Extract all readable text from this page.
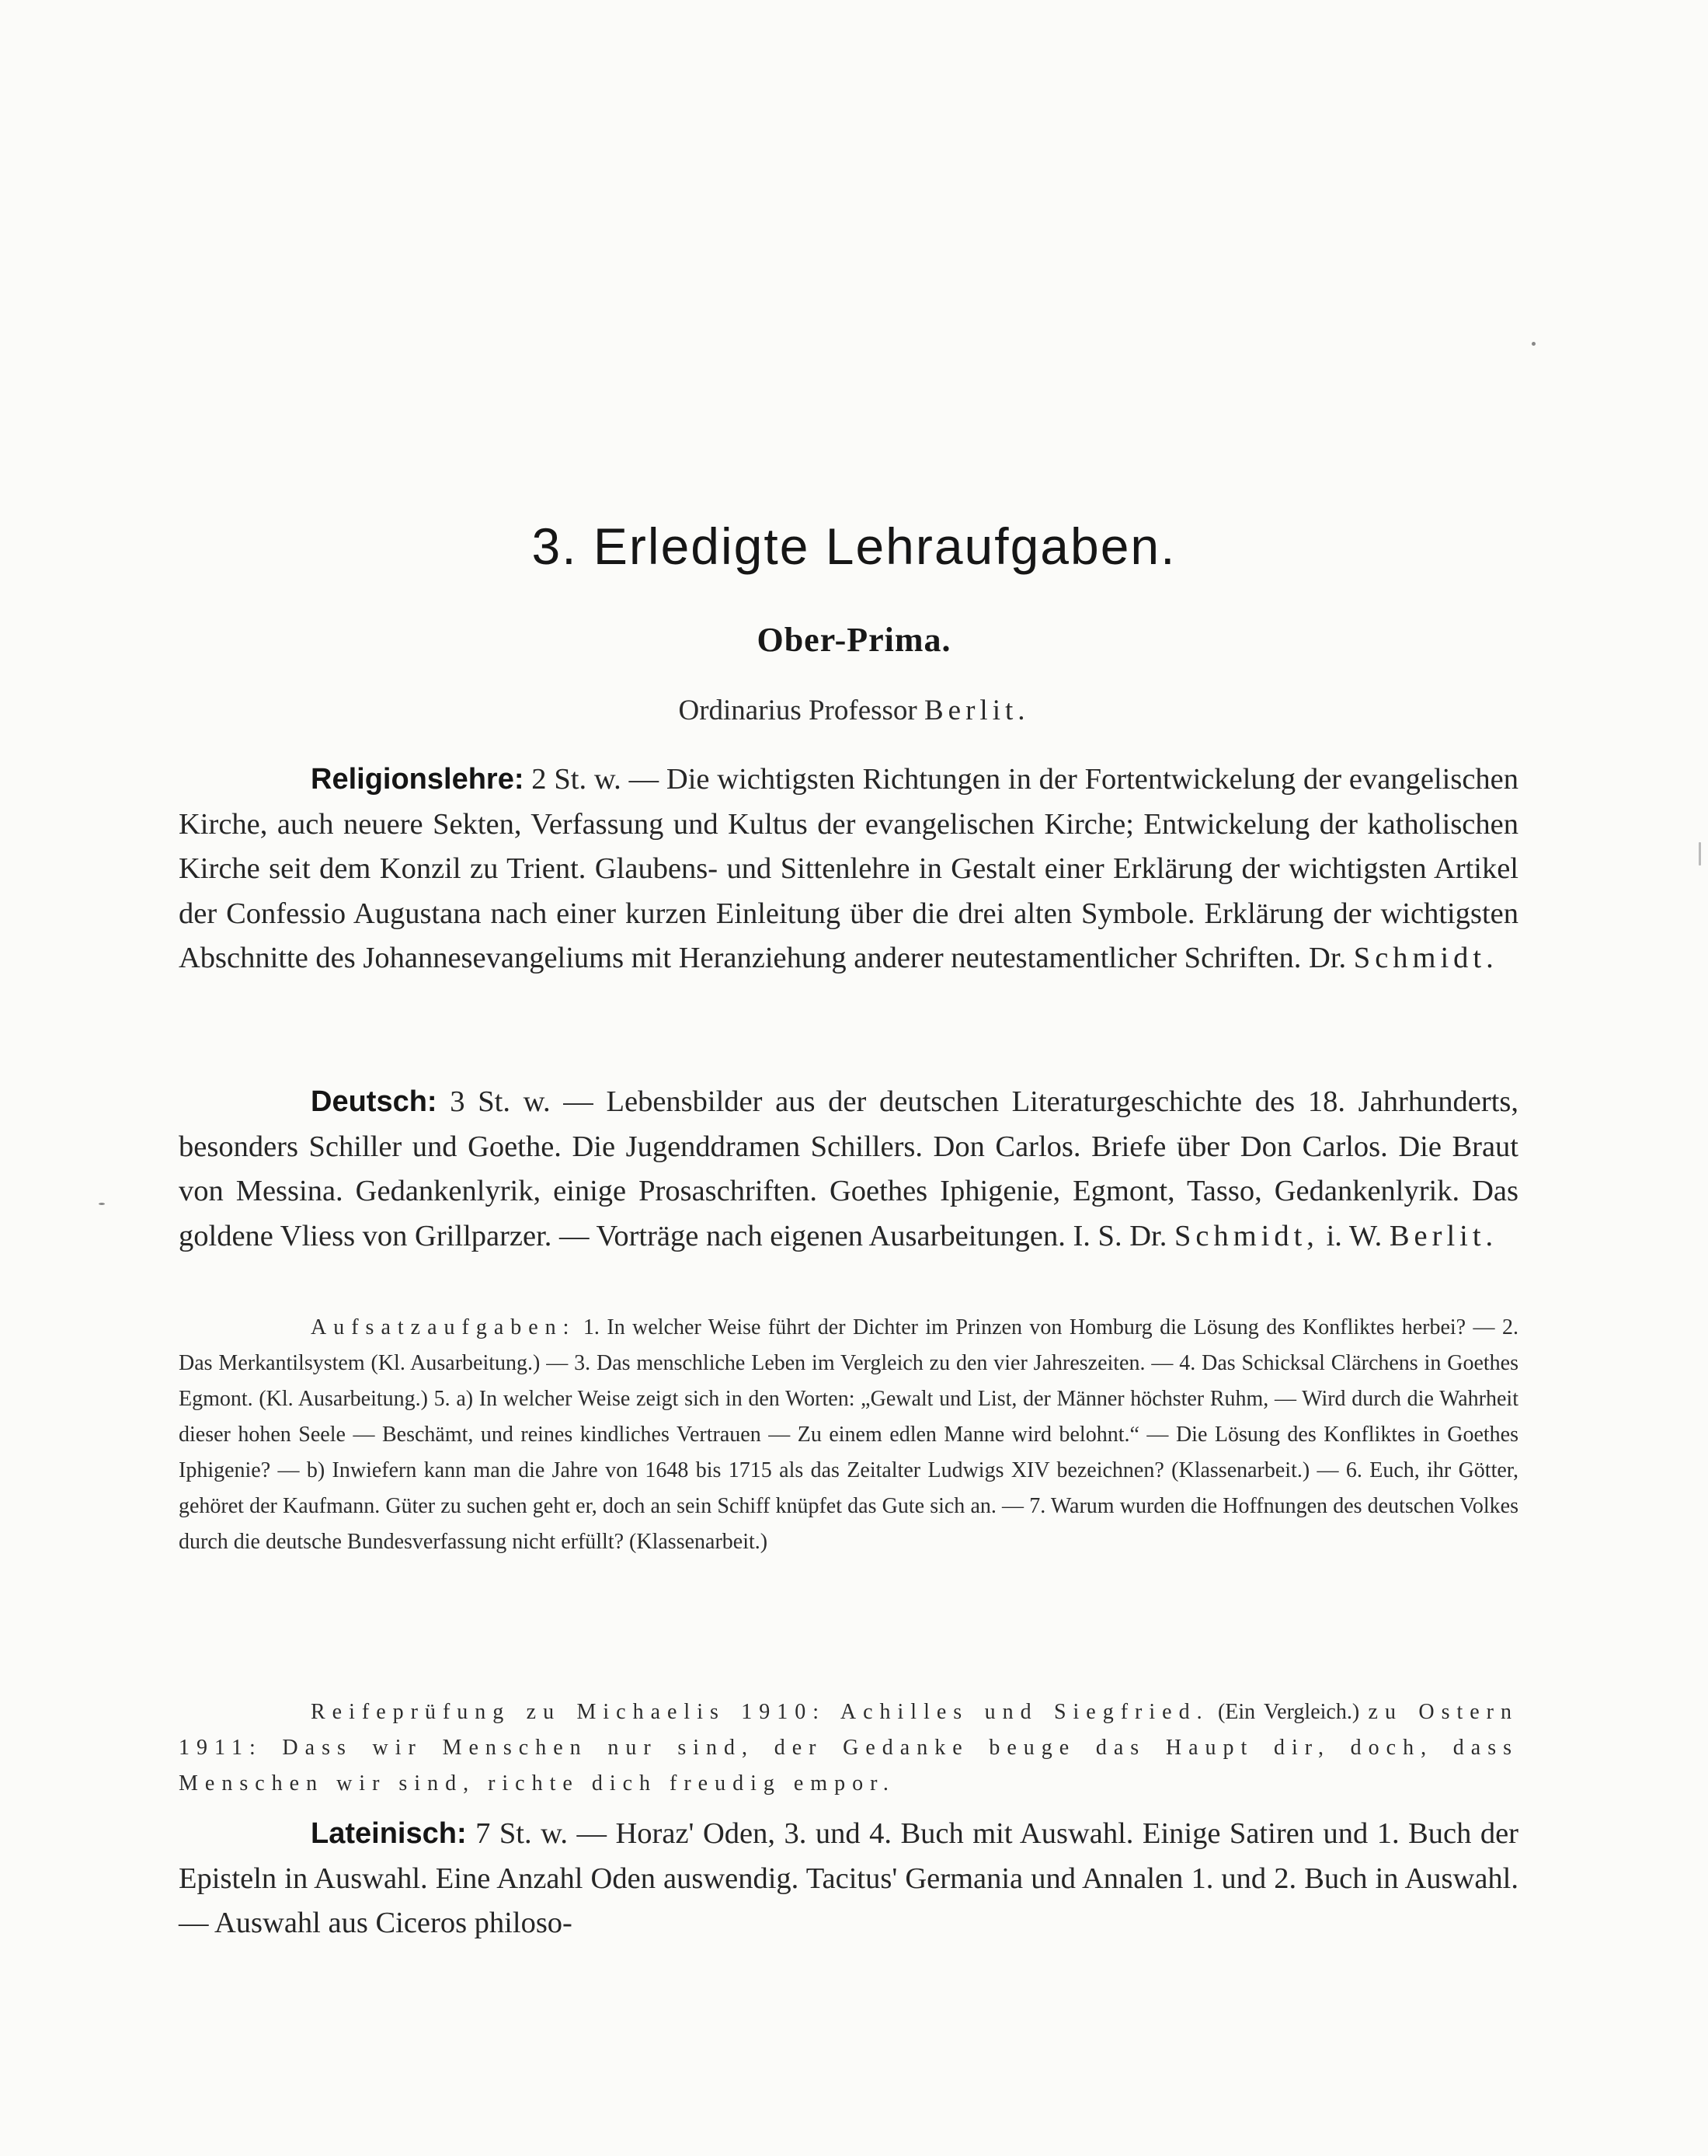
3. Erledigte Lehraufgaben.
Ober-Prima.
Ordinarius Professor Berlit.

Religionslehre: 2 St. w. — Die wichtigsten Richtungen in der Fortentwickelung der evangelischen Kirche, auch neuere Sekten, Verfassung und Kultus der evangelischen Kirche; Entwickelung der katholischen Kirche seit dem Konzil zu Trient. Glaubens- und Sittenlehre in Gestalt einer Erklärung der wichtigsten Artikel der Confessio Augustana nach einer kurzen Einleitung über die drei alten Symbole. Erklärung der wichtigsten Abschnitte des Johannesevangeliums mit Heranziehung anderer neutestamentlicher Schriften. Dr. Schmidt.

Deutsch: 3 St. w. — Lebensbilder aus der deutschen Literaturgeschichte des 18. Jahrhunderts, besonders Schiller und Goethe. Die Jugenddramen Schillers. Don Carlos. Briefe über Don Carlos. Die Braut von Messina. Gedankenlyrik, einige Prosaschriften. Goethes Iphigenie, Egmont, Tasso, Gedankenlyrik. Das goldene Vliess von Grillparzer. — Vorträge nach eigenen Ausarbeitungen. I. S. Dr. Schmidt, i. W. Berlit.

Aufsatzaufgaben: 1. In welcher Weise führt der Dichter im Prinzen von Homburg die Lösung des Konfliktes herbei? — 2. Das Merkantilsystem (Kl. Ausarbeitung.) — 3. Das menschliche Leben im Vergleich zu den vier Jahreszeiten. — 4. Das Schicksal Clärchens in Goethes Egmont. (Kl. Ausarbeitung.) 5. a) In welcher Weise zeigt sich in den Worten: „Gewalt und List, der Männer höchster Ruhm, — Wird durch die Wahrheit dieser hohen Seele — Beschämt, und reines kindliches Vertrauen — Zu einem edlen Manne wird belohnt.“ — Die Lösung des Konfliktes in Goethes Iphigenie? — b) Inwiefern kann man die Jahre von 1648 bis 1715 als das Zeitalter Ludwigs XIV bezeichnen? (Klassenarbeit.) — 6. Euch, ihr Götter, gehöret der Kaufmann. Güter zu suchen geht er, doch an sein Schiff knüpfet das Gute sich an. — 7. Warum wurden die Hoffnungen des deutschen Volkes durch die deutsche Bundesverfassung nicht erfüllt? (Klassenarbeit.)

Reifeprüfung zu Michaelis 1910: Achilles und Siegfried. (Ein Vergleich.) zu Ostern 1911: Dass wir Menschen nur sind, der Gedanke beuge das Haupt dir, doch, dass Menschen wir sind, richte dich freudig empor.

Lateinisch: 7 St. w. — Horaz' Oden, 3. und 4. Buch mit Auswahl. Einige Satiren und 1. Buch der Episteln in Auswahl. Eine Anzahl Oden auswendig. Tacitus' Germania und Annalen 1. und 2. Buch in Auswahl. — Auswahl aus Ciceros philoso-
